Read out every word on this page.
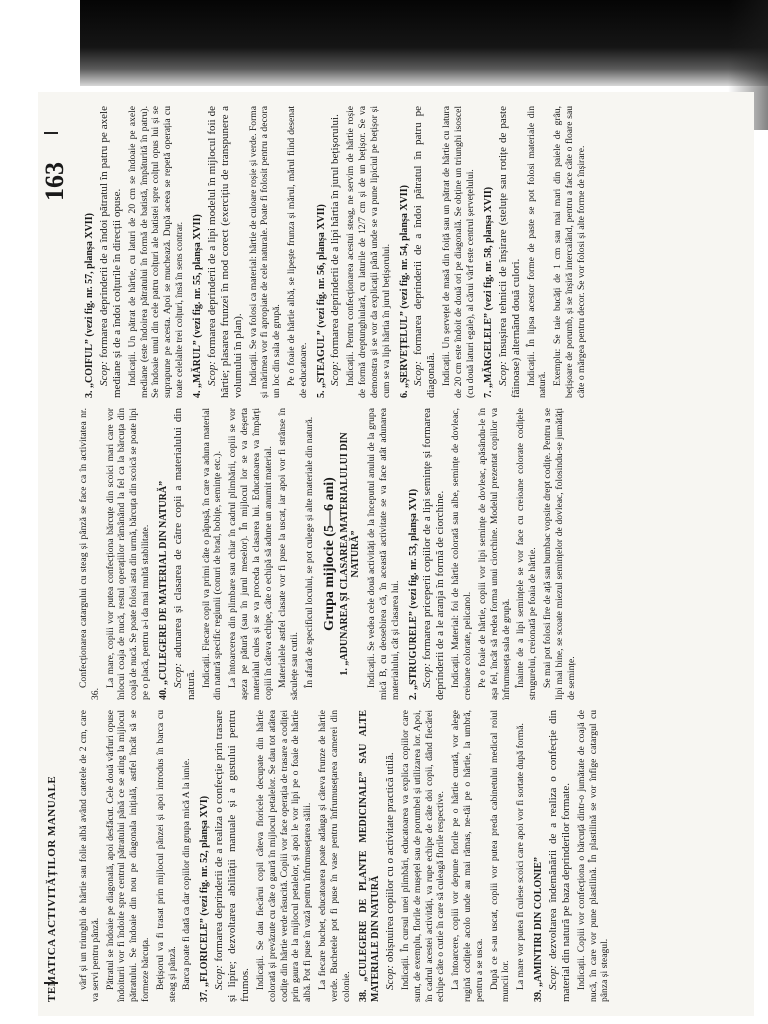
TEMATICA ACTIVITĂȚILOR MANUALE
163

vârf și un triunghi de hârtie sau folie albă având catetele de 2 cm, care va servi pentru pânză. Pătratul se îndoaie pe diagonală, apoi desfăcut. Cele două vârfuri opuse îndoiturii vor fi îndoite spre centrul pătratului până ce se ating la mijlocul pătratului. Se îndoaie din nou pe diagonala inițială, astfel încât să se formeze bărcuța. Bețișorul va fi trasat prin mijlocul pânzei și apoi introdus în barca cu steag și pânză. Barca poate fi dată ca dar copiilor din grupa mică A la iunie. 37. „FLORICELE” (vezi fig. nr. 52, planșa XVI) Scop: formarea deprinderii de a realiza o confecție prin trasare și lipire; dezvoltarea abilității manuale și a gustului pentru frumos. Indicații. Se dau fiecărui copil câteva floricele decupate din hârtie colorată și prevăzute cu câte o gaură în mijlocul petalelor. Se dau tot atâtea codițe din hârtie verde răsucită. Copiii vor face operația de trasare a codiței prin gaura de la mijlocul petalelor, și apoi le vor lipi pe o foaie de hârtie albă. Pot fi puse în vază pentru înfrumusețarea sălii. La fiecare buchet, educatoarea poate adăuga și câteva frunze de hârtie verde. Buchetele pot fi puse în vase pentru înfrumusețarea camerei din colonie. 38. „CULEGERE DE PLANTE MEDICINALE” SAU ALTE MATERIALE DIN NATURĂ Scop: obișnuirea copiilor cu o activitate practică utilă. Indicații. În cursul unei plimbări, educatoarea va explica copiilor care sunt, de exemplu, florile de mușețel sau de porumbel și utilizarea lor. Apoi, în cadrul acestei activități, va rupe echipe de câte doi copii, dând fiecărei echipe câte o cutie în care să culeagă florile respective. La întoarcere, copiii vor depune florile pe o hârtie curată, vor alege rugină codițele acolo unde au mai rămas, ne-tâi pe o hârtie, la umbră, pentru a se usca. După ce s-au uscat, copiii vor putea preda cabinetului medical roiul muncii lor. La mare vor putea fi culese scoici care apoi vor fi sortate după formă. 39. „AMINTIRI DIN COLONIE” Scop: dezvoltarea îndemânării de a realiza o confecție din material din natură pe baza deprinderilor formate. Indicații. Copiii vor confecționa o bărcuță dintr-o jumătate de coajă de nucă, în care vor pune plastilină. În plastilină se vor înfige catargul cu pânza și steagul.

Confecționarea catargului cu steag și pânză se face ca în activitatea nr. 36.

La mare, copiii vor putea confecționa bărcuțe din scoici mari care vor înlocui coaja de nucă, restul operațiilor rămânând la fel ca la bărcuța din coajă de nucă. Se poate folosi asta din urmă, bărcuța din scoică se poate lipi pe o placă, pentru a-i da mai multă stabilitate. 40. „CULEGERE DE MATERIAL DIN NATURĂ” Scop: adunarea și clasarea de către copii a materialului din natură. Indicații. Fiecare copil va primi câte o păpușă, în care va aduna material din natură specific regiunii (conuri de brad, bobițe, semințe etc.). La întoarcerea din plimbare sau chiar în cadrul plimbării, copiii se vor așeza pe pătură (sau în jurul meselor). În mijlocul lor se va deșerta materialul cules și se va proceda la clasarea lui. Educatoarea va împărți copiii în câteva echipe, câte o echipă să adune un anumit material. Materialele astfel clasate vor fi puse la uscat, iar apoi vor fi strânse în săculețe sau cutii. În afară de specificul locului, se pot culege și alte materiale din natură. Grupa mijlocie (5—6 ani) 1. „ADUNAREA ȘI CLASAREA MATERIALULUI DIN NATURĂ” Indicații. Se vedea cele două activități de la începutul anului de la grupa mică B, cu deosebirea că, în această activitate se va face atât adunarea materialului, cât și clasarea lui. 2. „STRUGURELE” (vezi fig. nr. 53, planșa XVI) Scop: formarea priceperii copiilor de a lipi semințe și formarea deprinderii de a le aranja în formă de ciorchine. Indicații. Material: foi de hârtie colorată sau albe, semințe de dovleac, creioane colorate, pelicanol. Pe o foaie de hârtie, copiii vor lipi semințe de dovleac, apăsându-le în așa fel, încât să redea forma unui ciorchine. Modelul prezentat copiilor va înfrumuseța sala de grupă. Înainte de a lipi semințele se vor face cu creioane colorate codițele strugurelui, creionată pe foaia de hârtie. Se mai pot folosi fire de ață sau bumbac vopsite drept codițe. Pentru a se lipi mai bine, se scoate miezul semințelor de dovleac, folosindu-se jumătăți de semințe.

3. „COIFUL” (vezi fig. nr. 57, planșa XVII) Scop: formarea deprinderii de a îndoi pătratul în patru pe axele mediane și de a îndoi colțurile în direcții opuse. Indicații. Un pătrat de hârtie, cu laturi de 20 cm se îndoaie pe axele mediane (este îndoirea pătratului în formă de batistă, împăturită în patru). Se îndoaie unul din cele patru colțuri ale batistei spre colțul opus lui și se suprapune pe acesta. Apoi se muchează. După aceea se repetă operația cu toate celelalte trei colțuri, însă în sens contrar. 4. „MĂRUL” (vezi fig. nr. 55, planșa XVII) Scop: formarea deprinderii de a lipi modelul în mijlocul foii de hârtie; plasarea frunzei în mod corect (exercițiu de transpunere a volumului în plan). Indicații. Se va folosi ca material: hârtie de culoare roșie și verde. Forma și mărimea vor fi apropiate de cele naturale. Poate fi folosit pentru a decora un loc din sala de grupă. Pe o foaie de hârtie albă, se lipește frunza și mărul, mărul fiind desenat de educatoare. 5. „STEAGUL” (vezi fig. nr. 56, planșa XVII) Scop: formarea deprinderii de a lipi hârtia în jurul bețișorului. Indicații. Pentru confecționarea acestui steag, ne servim de hârtie roșie de formă dreptunghiulară, cu laturile de 12/7 cm și de un bețișor. Se va demonstra și se vor da explicații până unde se va pune lipiciul pe bețișor și cum se va lipi hârtia în jurul bețișorului. 6. „ȘERVEȚELUL” (vezi fig. nr. 54, planșa XVII) Scop: formarea deprinderii de a îndoi pătratul în patru pe diagonală. Indicații. Un șervețel de masă din foiță sau un pătrat de hârtie cu latura de 20 cm este îndoit de două ori pe diagonală. Se obține un triunghi isoscel (cu două laturi egale), al cărui vârf este centrul șervețelului. 7. „MĂRGELELE” (vezi fig. nr. 58, planșa XVII) Scop: însușirea tehnicii de înșirare (steluțe sau rotițe de paste făinoase) alternând două culori. Indicații. În lipsa acestor forme de paste se pot folosi materiale din natură. Exemplu: Se taie bucăți de 1 cm sau mai mari din paiele de grâu, bețișoare de porumb, și se înșiră intercalând, pentru a face câte o floare sau câte o mărgea pentru decor. Se vor folosi și alte forme de înșirare.
